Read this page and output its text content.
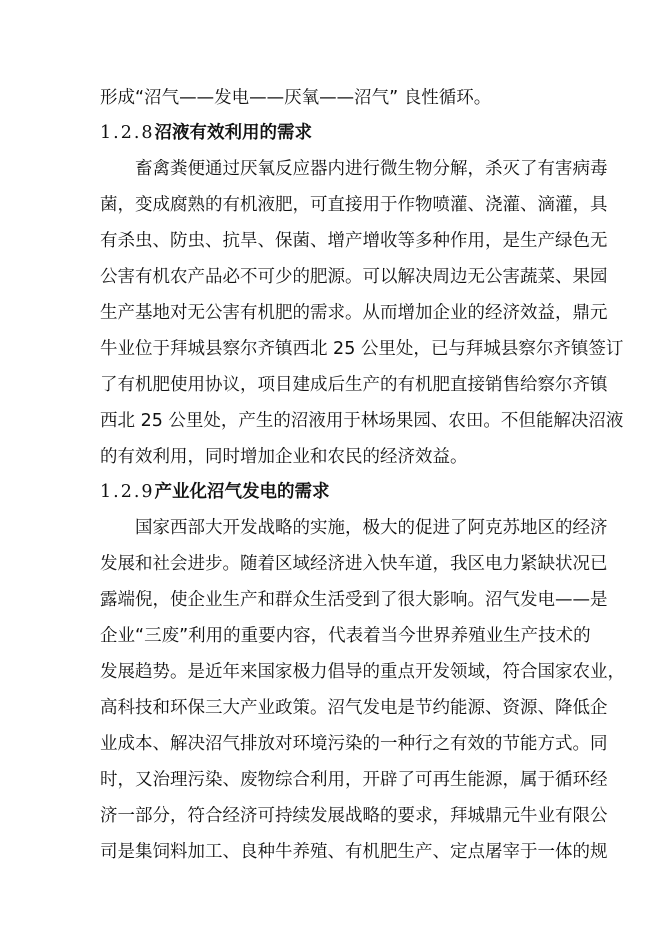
形成“沼气——发电——厌氧——沼气” 良性循环。
1.2.8沼液有效利用的需求
畜禽粪便通过厌氧反应器内进行微生物分解，杀灭了有害病毒
菌，变成腐熟的有机液肥，可直接用于作物喷灌、浇灌、滴灌，具
有杀虫、防虫、抗旱、保菌、增产增收等多种作用，是生产绿色无
公害有机农产品必不可少的肥源。可以解决周边无公害蔬菜、果园
生产基地对无公害有机肥的需求。从而增加企业的经济效益，鼎元
牛业位于拜城县察尔齐镇西北 25 公里处，已与拜城县察尔齐镇签订
了有机肥使用协议，项目建成后生产的有机肥直接销售给察尔齐镇
西北 25 公里处，产生的沼液用于林场果园、农田。不但能解决沼液
的有效利用，同时增加企业和农民的经济效益。
1.2.9产业化沼气发电的需求
国家西部大开发战略的实施，极大的促进了阿克苏地区的经济
发展和社会进步。随着区域经济进入快车道，我区电力紧缺状况已
露端倪，使企业生产和群众生活受到了很大影响。沼气发电——是
企业“三废”利用的重要内容，代表着当今世界养殖业生产技术的
发展趋势。是近年来国家极力倡导的重点开发领域，符合国家农业，
高科技和环保三大产业政策。沼气发电是节约能源、资源、降低企
业成本、解决沼气排放对环境污染的一种行之有效的节能方式。同
时，又治理污染、废物综合利用，开辟了可再生能源，属于循环经
济一部分，符合经济可持续发展战略的要求，拜城鼎元牛业有限公
司是集饲料加工、良种牛养殖、有机肥生产、定点屠宰于一体的规
